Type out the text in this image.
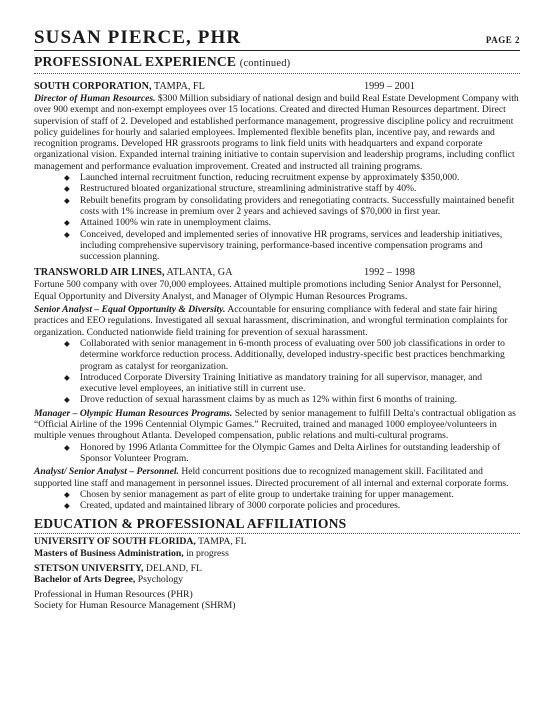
SUSAN PIERCE, PHR	PAGE 2
PROFESSIONAL EXPERIENCE (continued)
SOUTH CORPORATION, TAMPA, FL	1999 – 2001
Director of Human Resources. $300 Million subsidiary of national design and build Real Estate Development Company with over 900 exempt and non-exempt employees over 15 locations. Created and directed Human Resources department. Direct supervision of staff of 2. Developed and established performance management, progressive discipline policy and recruitment policy guidelines for hourly and salaried employees. Implemented flexible benefits plan, incentive pay, and rewards and recognition programs. Developed HR grassroots programs to link field units with headquarters and expand corporate organizational vision. Expanded internal training initiative to contain supervision and leadership programs, including conflict management and performance evaluation improvement. Created and instructed all training programs.
◆ Launched internal recruitment function, reducing recruitment expense by approximately $350,000.
◆ Restructured bloated organizational structure, streamlining administrative staff by 40%.
◆ Rebuilt benefits program by consolidating providers and renegotiating contracts. Successfully maintained benefit costs with 1% increase in premium over 2 years and achieved savings of $70,000 in first year.
◆ Attained 100% win rate in unemployment claims.
◆ Conceived, developed and implemented series of innovative HR programs, services and leadership initiatives, including comprehensive supervisory training, performance-based incentive compensation programs and succession planning.
TRANSWORLD AIR LINES, ATLANTA, GA	1992 – 1998
Fortune 500 company with over 70,000 employees. Attained multiple promotions including Senior Analyst for Personnel, Equal Opportunity and Diversity Analyst, and Manager of Olympic Human Resources Programs.
Senior Analyst – Equal Opportunity & Diversity. Accountable for ensuring compliance with federal and state fair hiring practices and EEO regulations. Investigated all sexual harassment, discrimination, and wrongful termination complaints for organization. Conducted nationwide field training for prevention of sexual harassment.
◆ Collaborated with senior management in 6-month process of evaluating over 500 job classifications in order to determine workforce reduction process. Additionally, developed industry-specific best practices benchmarking program as catalyst for reorganization.
◆ Introduced Corporate Diversity Training Initiative as mandatory training for all supervisor, manager, and executive level employees, an initiative still in current use.
◆ Drove reduction of sexual harassment claims by as much as 12% within first 6 months of training.
Manager – Olympic Human Resources Programs. Selected by senior management to fulfill Delta's contractual obligation as “Official Airline of the 1996 Centennial Olympic Games.” Recruited, trained and managed 1000 employee/volunteers in multiple venues throughout Atlanta. Developed compensation, public relations and multi-cultural programs.
◆ Honored by 1996 Atlanta Committee for the Olympic Games and Delta Airlines for outstanding leadership of Sponsor Volunteer Program.
Analyst/ Senior Analyst – Personnel. Held concurrent positions due to recognized management skill. Facilitated and supported line staff and management in personnel issues. Directed procurement of all internal and external corporate forms.
◆ Chosen by senior management as part of elite group to undertake training for upper management.
◆ Created, updated and maintained library of 3000 corporate policies and procedures.
EDUCATION & PROFESSIONAL AFFILIATIONS
UNIVERSITY OF SOUTH FLORIDA, TAMPA, FL
Masters of Business Administration, in progress
STETSON UNIVERSITY, DELAND, FL
Bachelor of Arts Degree, Psychology
Professional in Human Resources (PHR)
Society for Human Resource Management (SHRM)
